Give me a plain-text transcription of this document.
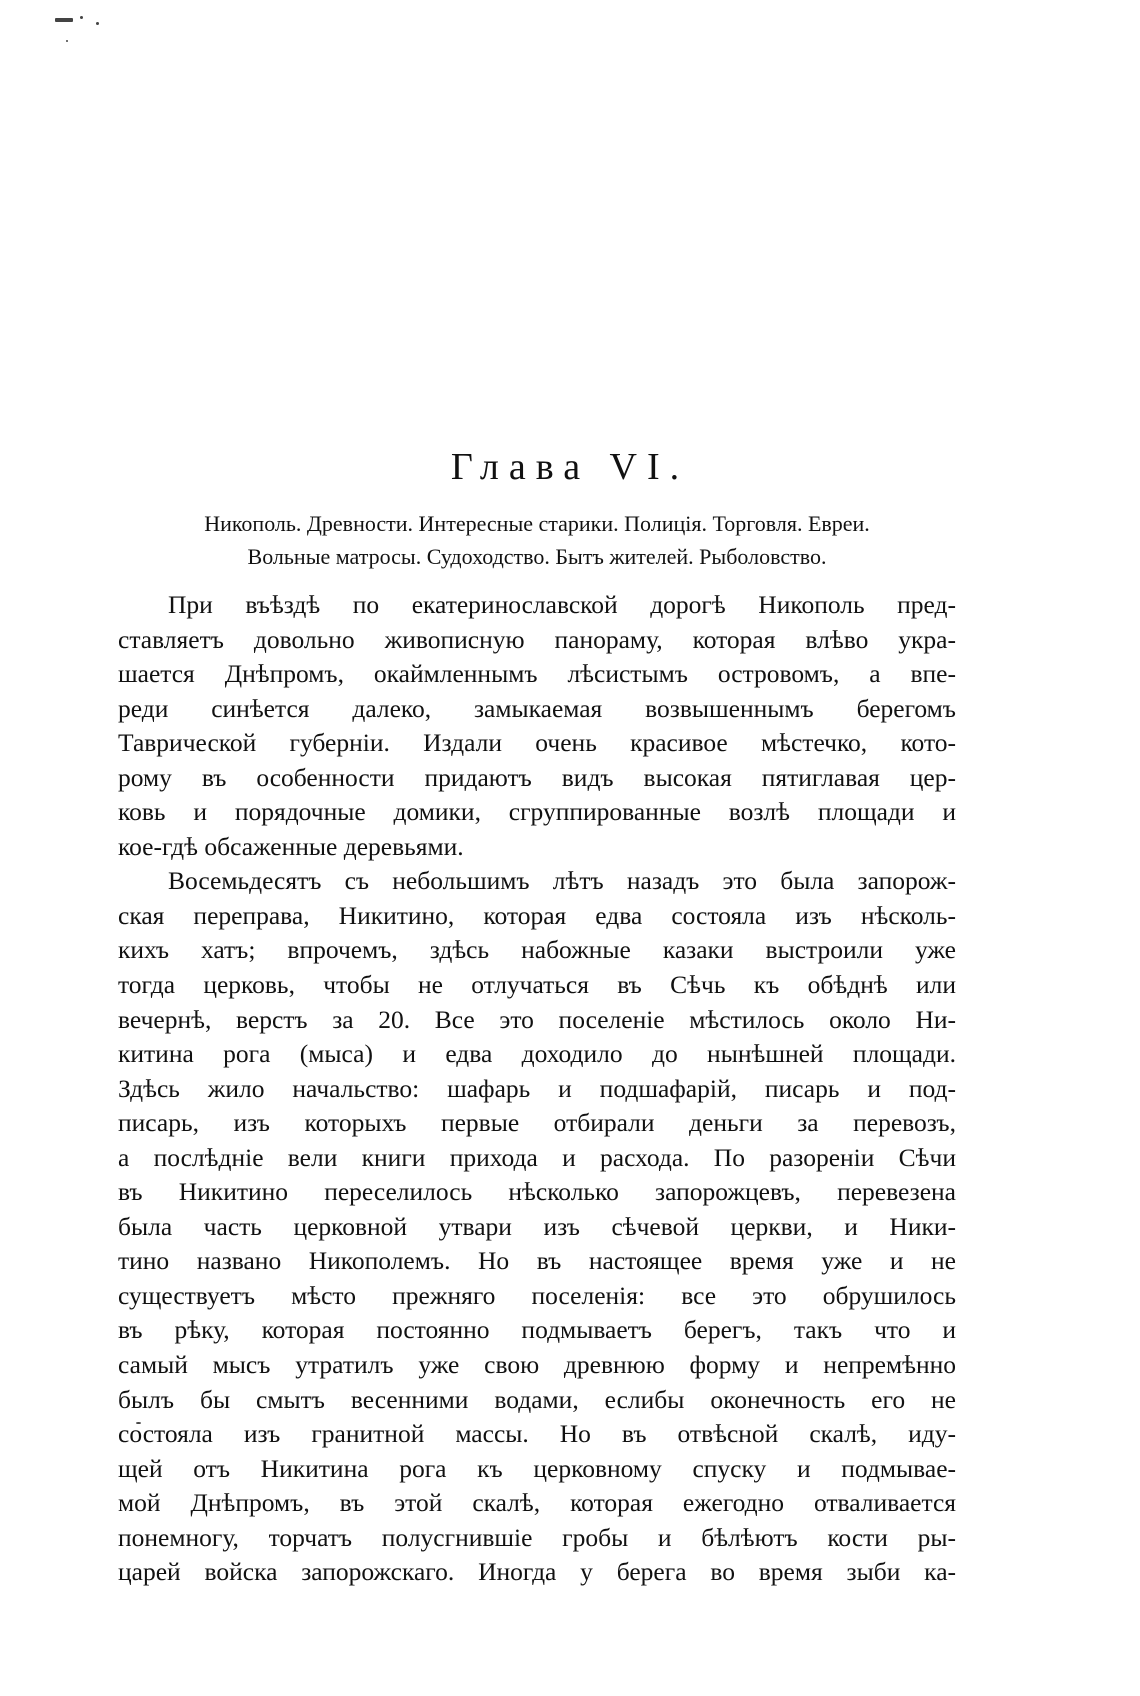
Глава VI.
Никополь. Древности. Интересные старики. Полиція. Торговля. Евреи.
Вольные матросы. Судоходство. Бытъ жителей. Рыболовство.
При въѣздѣ по екатеринославской дорогѣ Никополь пред-
ставляетъ довольно живописную панораму, которая влѣво укра-
шается Днѣпромъ, окаймленнымъ лѣсистымъ островомъ, а впе-
реди синѣется далеко, замыкаемая возвышеннымъ берегомъ
Таврической губерніи. Издали очень красивое мѣстечко, кото-
рому въ особенности придаютъ видъ высокая пятиглавая цер-
ковь и порядочные домики, сгруппированные возлѣ площади и
кое-гдѣ обсаженные деревьями.
Восемьдесятъ съ небольшимъ лѣтъ назадъ это была запорож-
ская переправа, Никитино, которая едва состояла изъ нѣсколь-
кихъ хатъ; впрочемъ, здѣсь набожные казаки выстроили уже
тогда церковь, чтобы не отлучаться въ Сѣчь къ обѣднѣ или
вечернѣ, верстъ за 20. Все это поселеніе мѣстилось около Ни-
китина рога (мыса) и едва доходило до нынѣшней площади.
Здѣсь жило начальство: шафарь и подшафарій, писарь и под-
писарь, изъ которыхъ первые отбирали деньги за перевозъ,
а послѣдніе вели книги прихода и расхода. По разореніи Сѣчи
въ Никитино переселилось нѣсколько запорожцевъ, перевезена
была часть церковной утвари изъ сѣчевой церкви, и Ники-
тино названо Никополемъ. Но въ настоящее время уже и не
существуетъ мѣсто прежняго поселенія: все это обрушилось
въ рѣку, которая постоянно подмываетъ берегъ, такъ что и
самый мысъ утратилъ уже свою древнюю форму и непремѣнно
былъ бы смытъ весенними водами, еслибы оконечность его не
состояла изъ гранитной массы. Но въ отвѣсной скалѣ, иду-
щей отъ Никитина рога къ церковному спуску и подмывае-
мой Днѣпромъ, въ этой скалѣ, которая ежегодно отваливается
понемногу, торчатъ полусгнившіе гробы и бѣлѣютъ кости ры-
царей войска запорожскаго. Иногда у берега во время зыби ка-
